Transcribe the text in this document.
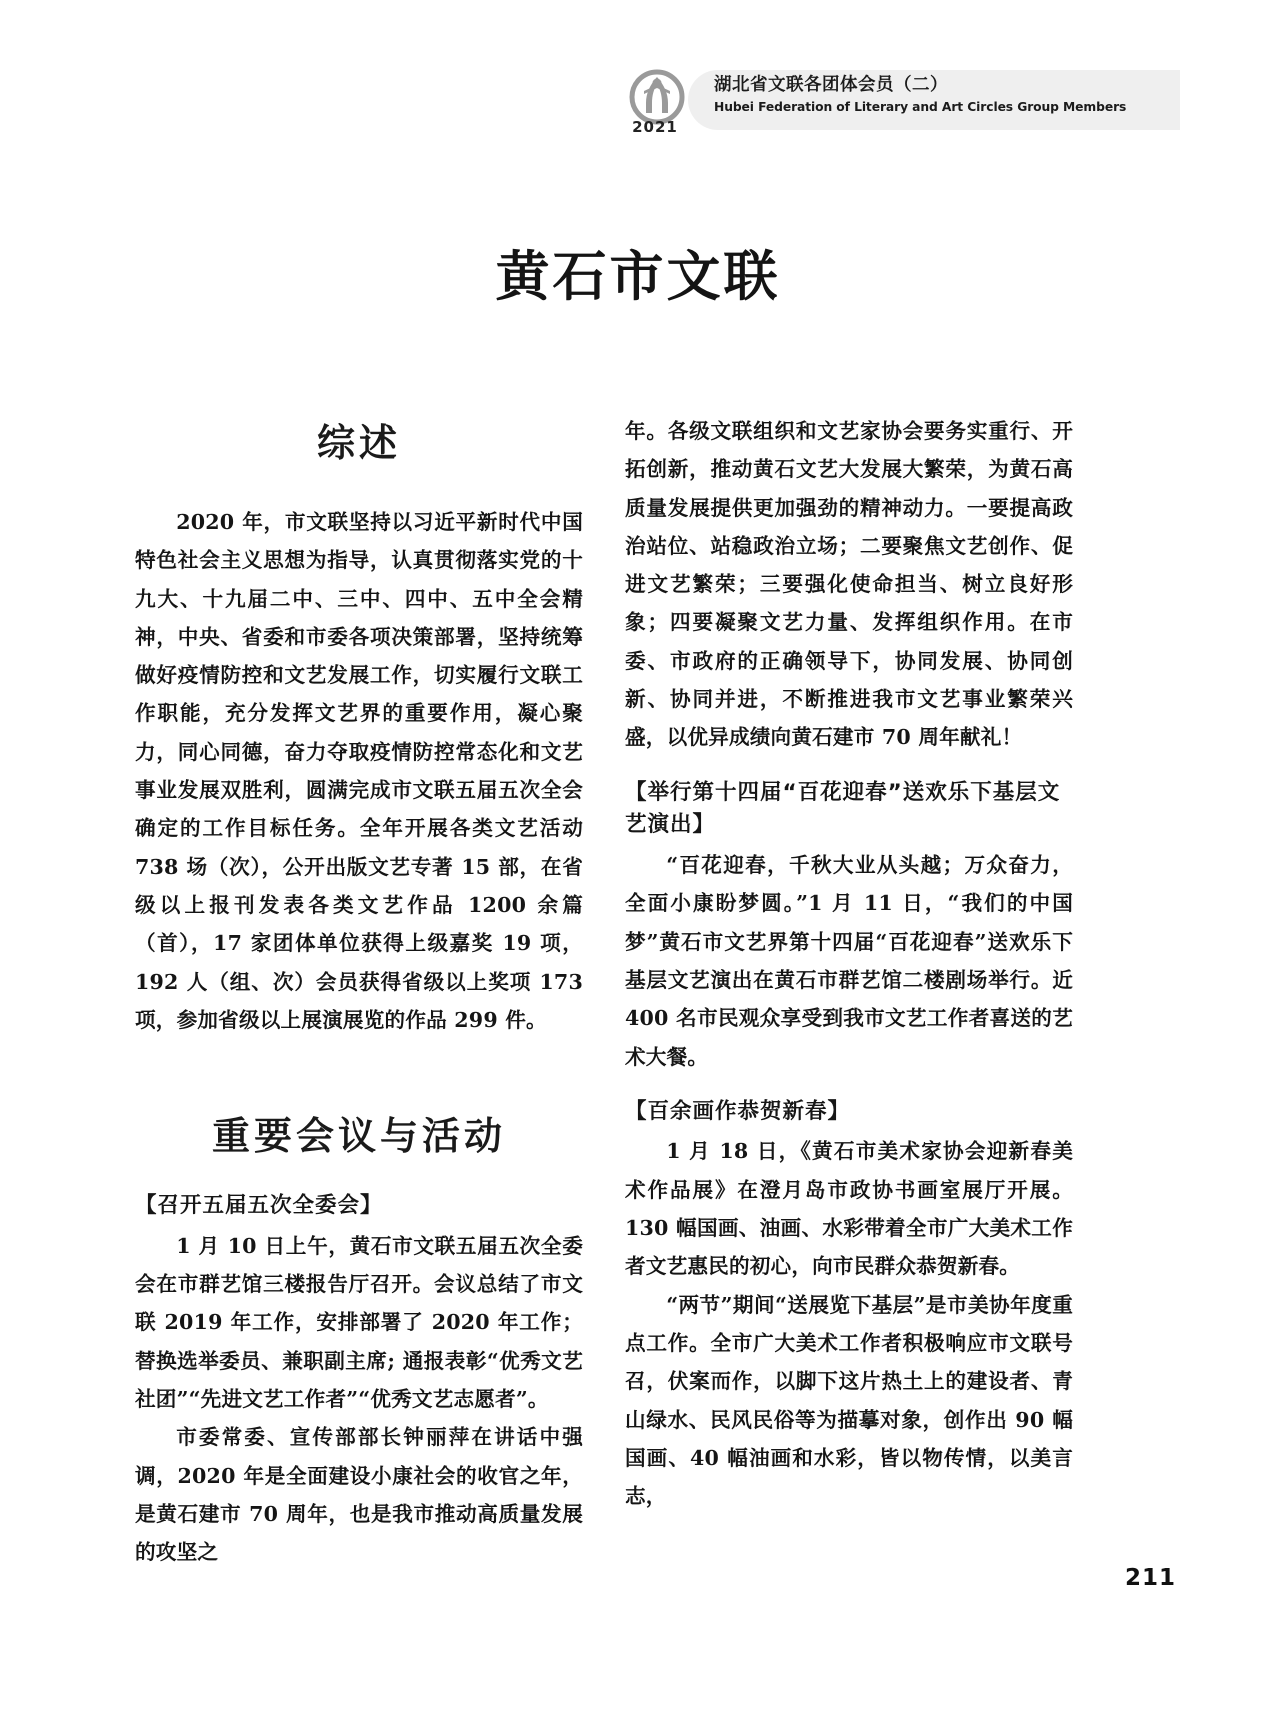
2021
湖北省文联各团体会员（二）
Hubei Federation of Literary and Art Circles Group Members
黄石市文联
综述

2020 年，市文联坚持以习近平新时代中国特色社会主义思想为指导，认真贯彻落实党的十九大、十九届二中、三中、四中、五中全会精神，中央、省委和市委各项决策部署，坚持统筹做好疫情防控和文艺发展工作，切实履行文联工作职能，充分发挥文艺界的重要作用，凝心聚力，同心同德，奋力夺取疫情防控常态化和文艺事业发展双胜利，圆满完成市文联五届五次全会确定的工作目标任务。全年开展各类文艺活动 738 场（次），公开出版文艺专著 15 部，在省级以上报刊发表各类文艺作品 1200 余篇（首），17 家团体单位获得上级嘉奖 19 项，192 人（组、次）会员获得省级以上奖项 173 项，参加省级以上展演展览的作品 299 件。

重要会议与活动
【召开五届五次全委会】

1 月 10 日上午，黄石市文联五届五次全委会在市群艺馆三楼报告厅召开。会议总结了市文联 2019 年工作，安排部署了 2020 年工作；替换选举委员、兼职副主席; 通报表彰“优秀文艺社团”“先进文艺工作者”“优秀文艺志愿者”。

市委常委、宣传部部长钟丽萍在讲话中强调，2020 年是全面建设小康社会的收官之年，是黄石建市 70 周年，也是我市推动高质量发展的攻坚之

年。各级文联组织和文艺家协会要务实重行、开拓创新，推动黄石文艺大发展大繁荣，为黄石高质量发展提供更加强劲的精神动力。一要提高政治站位、站稳政治立场；二要聚焦文艺创作、促进文艺繁荣；三要强化使命担当、树立良好形象；四要凝聚文艺力量、发挥组织作用。在市委、市政府的正确领导下，协同发展、协同创新、协同并进，不断推进我市文艺事业繁荣兴盛，以优异成绩向黄石建市 70 周年献礼！

【举行第十四届“百花迎春”送欢乐下基层文艺演出】

“百花迎春，千秋大业从头越；万众奋力，全面小康盼梦圆。”1 月 11 日，“我们的中国梦”黄石市文艺界第十四届“百花迎春”送欢乐下基层文艺演出在黄石市群艺馆二楼剧场举行。近 400 名市民观众享受到我市文艺工作者喜送的艺术大餐。

【百余画作恭贺新春】

1 月 18 日，《黄石市美术家协会迎新春美术作品展》在澄月岛市政协书画室展厅开展。130 幅国画、油画、水彩带着全市广大美术工作者文艺惠民的初心，向市民群众恭贺新春。

“两节”期间“送展览下基层”是市美协年度重点工作。全市广大美术工作者积极响应市文联号召，伏案而作，以脚下这片热土上的建设者、青山绿水、民风民俗等为描摹对象，创作出 90 幅国画、40 幅油画和水彩，皆以物传情，以美言志，

211
